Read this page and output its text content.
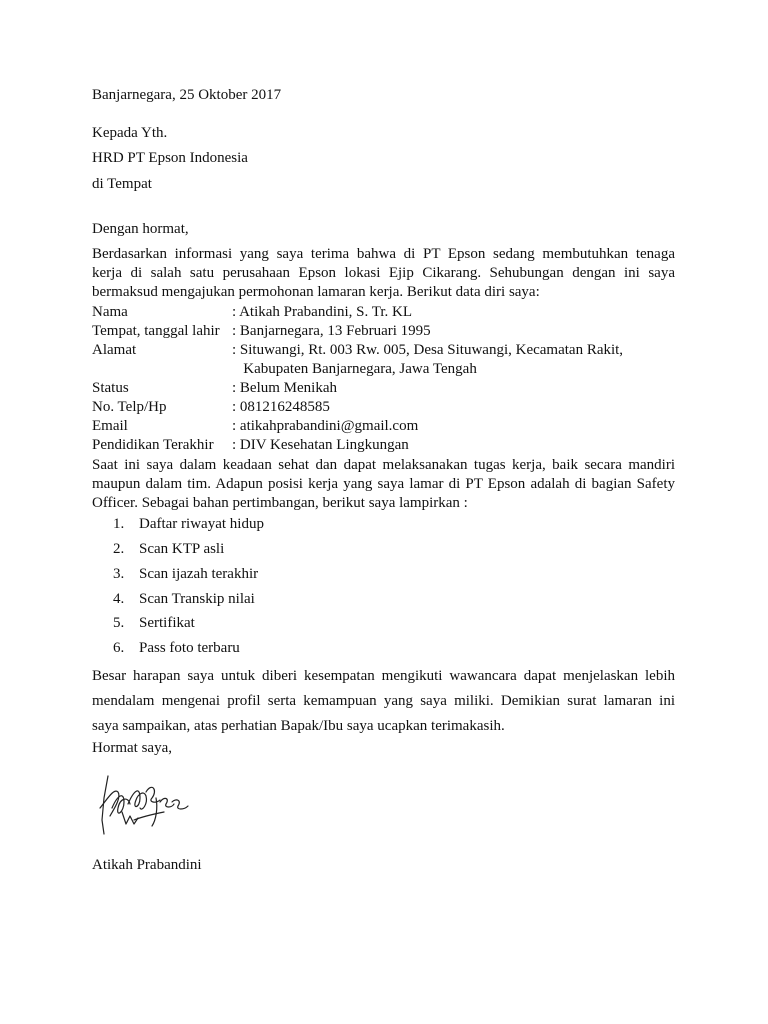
Banjarnegara, 25 Oktober 2017
Kepada Yth.
HRD PT Epson Indonesia
di Tempat
Dengan hormat,
Berdasarkan informasi yang saya terima bahwa di PT Epson sedang membutuhkan tenaga
kerja di salah satu perusahaan Epson lokasi Ejip Cikarang. Sehubungan dengan ini saya
bermaksud mengajukan permohonan lamaran kerja. Berikut data diri saya:
Nama	: Atikah Prabandini, S. Tr. KL
Tempat, tanggal lahir : Banjarnegara, 13 Februari 1995
Alamat	: Situwangi, Rt. 003 Rw. 005, Desa Situwangi, Kecamatan Rakit,
Kabupaten Banjarnegara, Jawa Tengah
Status	: Belum Menikah
No. Telp/Hp	: 081216248585
Email	: atikahprabandini@gmail.com
Pendidikan Terakhir : DIV Kesehatan Lingkungan
Saat ini saya dalam keadaan sehat dan dapat melaksanakan tugas kerja, baik secara mandiri
maupun dalam tim. Adapun posisi kerja yang saya lamar di PT Epson adalah di bagian Safety
Officer. Sebagai bahan pertimbangan, berikut saya lampirkan :
1. Daftar riwayat hidup
2. Scan KTP asli
3. Scan ijazah terakhir
4. Scan Transkip nilai
5. Sertifikat
6. Pass foto terbaru
Besar harapan saya untuk diberi kesempatan mengikuti wawancara dapat menjelaskan lebih
mendalam mengenai profil serta kemampuan yang saya miliki. Demikian surat lamaran ini
saya sampaikan, atas perhatian Bapak/Ibu saya ucapkan terimakasih.
Hormat saya,
Atikah Prabandini
